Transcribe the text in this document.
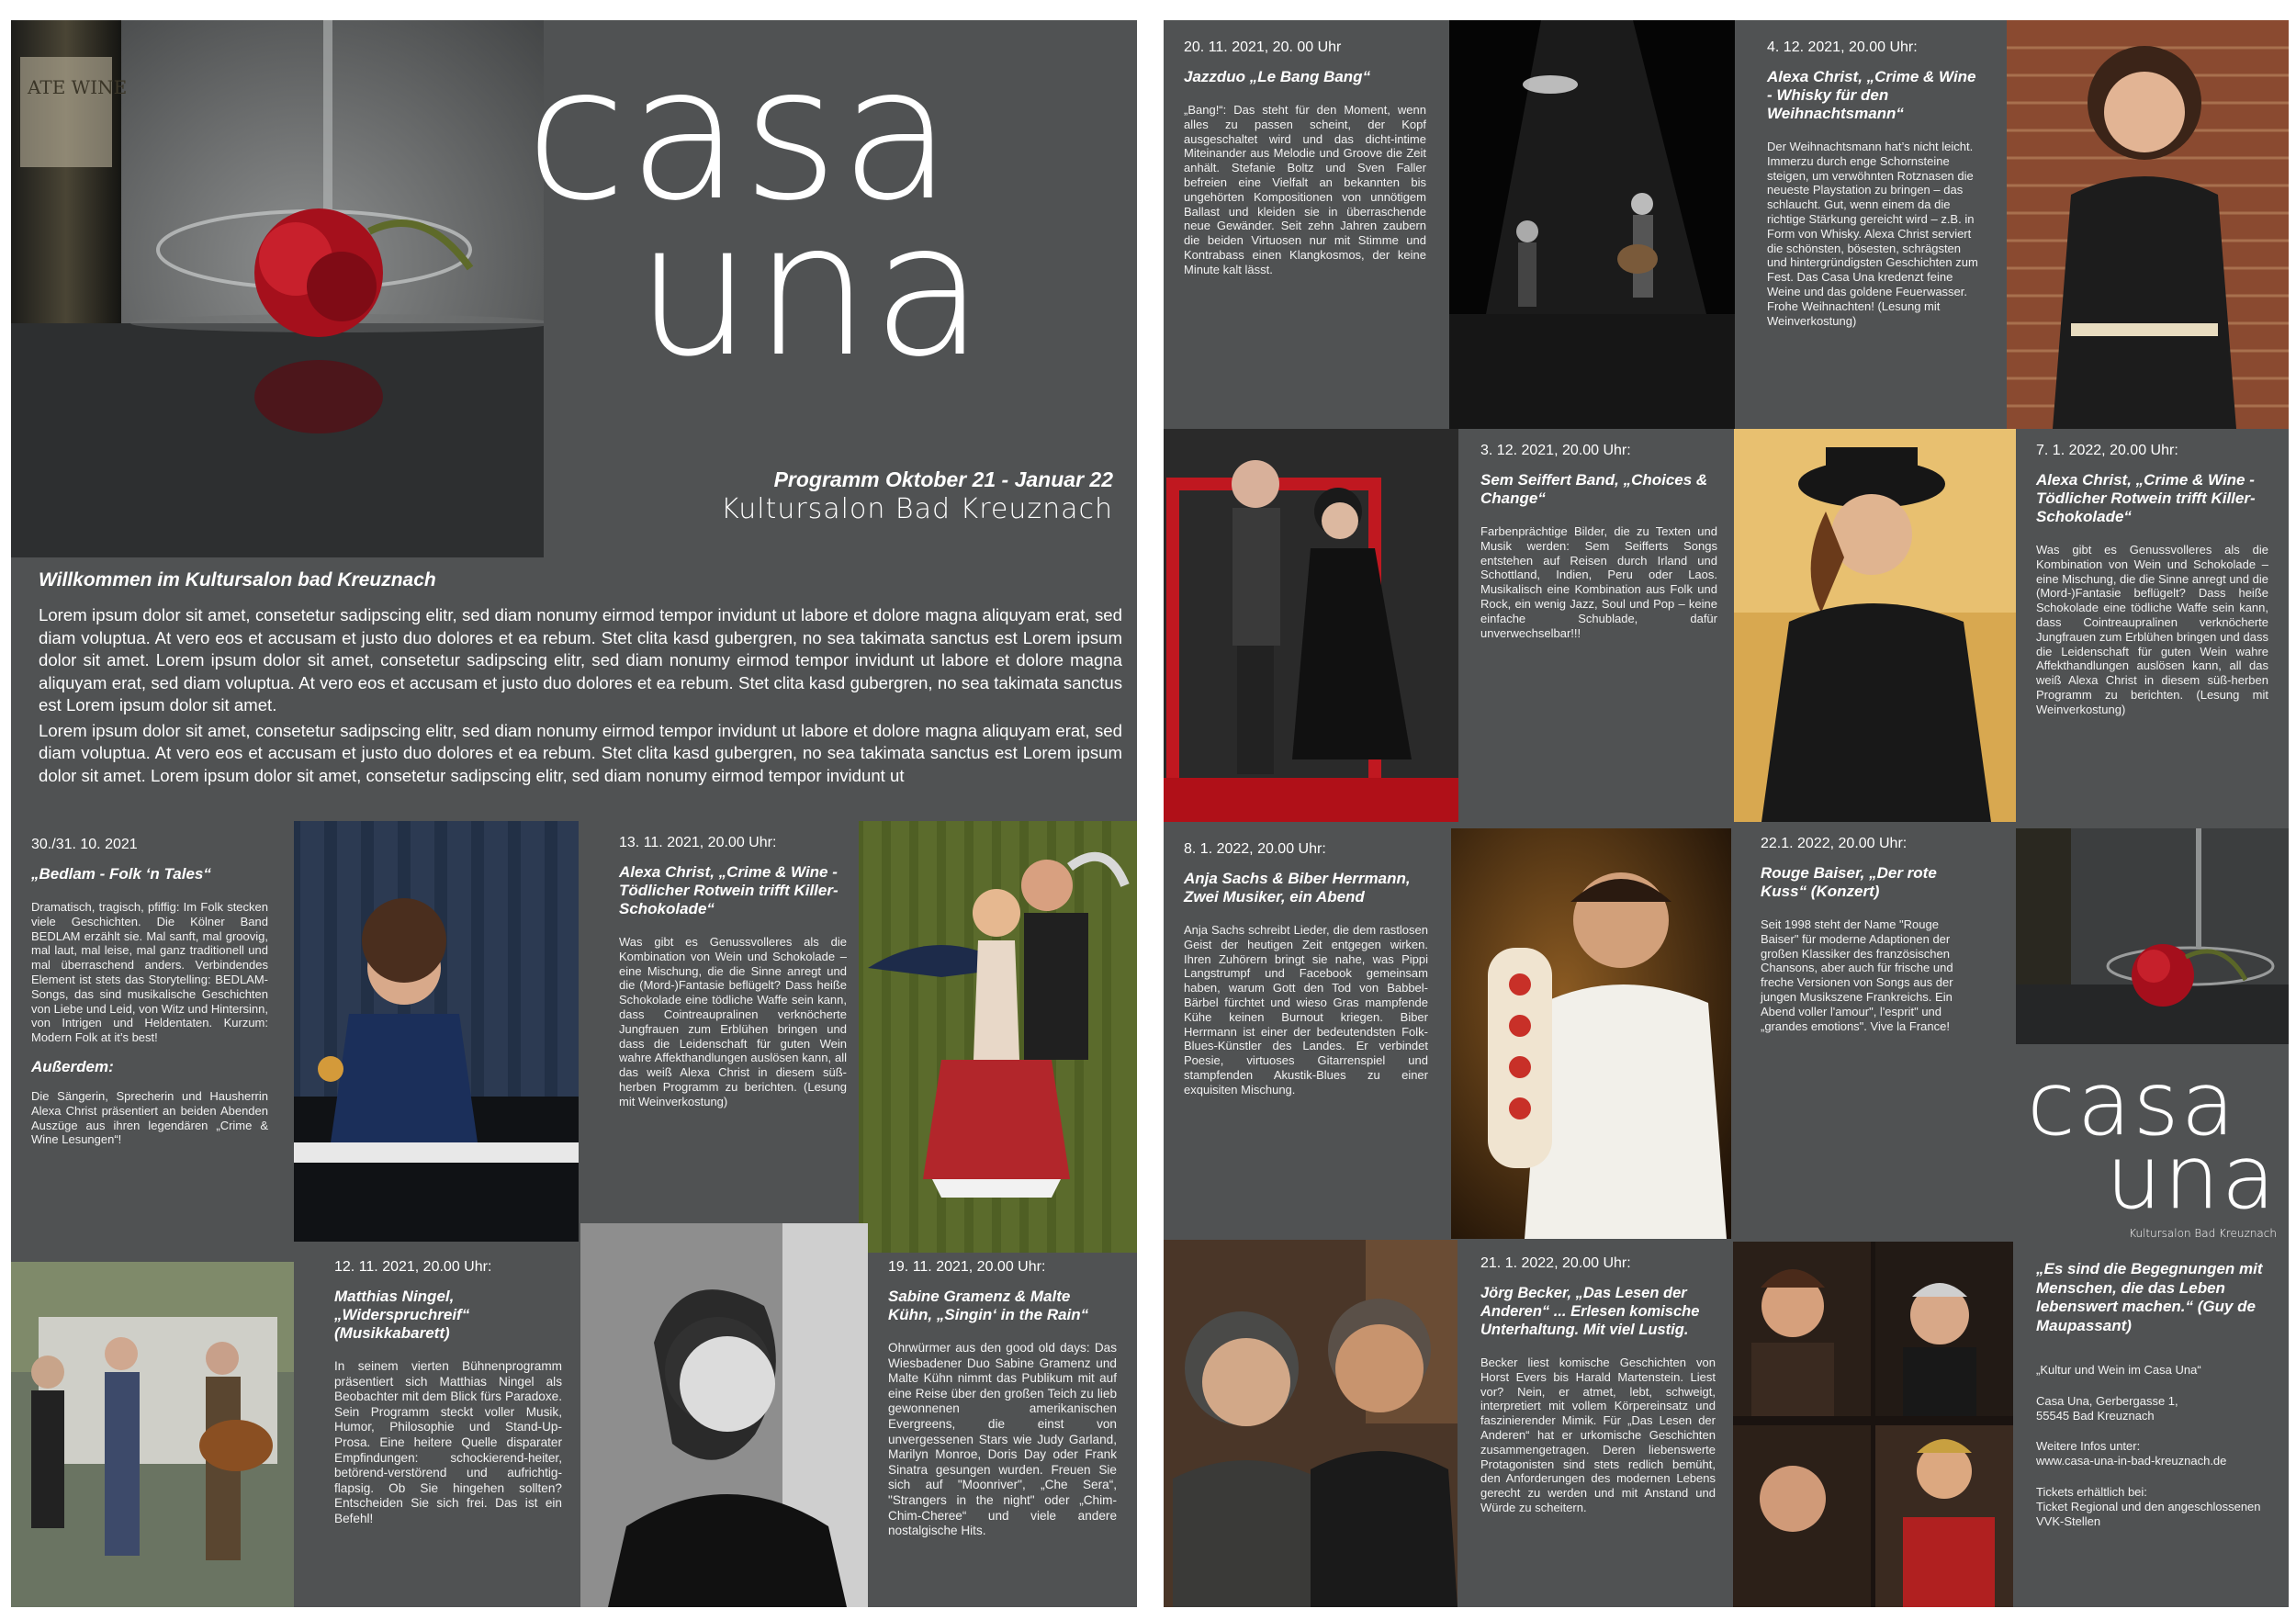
ATE WINE casa
una
Programm Oktober 21 - Januar 22
Kultursalon Bad Kreuznach
Willkommen im Kultursalon bad Kreuznach
Lorem ipsum dolor sit amet, consetetur sadipscing elitr, sed diam nonumy eirmod tempor invidunt ut labore et dolore magna aliquyam erat, sed diam voluptua. At vero eos et accusam et justo duo dolores et ea rebum. Stet clita kasd gubergren, no sea takimata sanctus est Lorem ipsum dolor sit amet. Lorem ipsum dolor sit amet, consetetur sadipscing elitr, sed diam nonumy eirmod tempor invidunt ut labore et dolore magna aliquyam erat, sed diam voluptua. At vero eos et accusam et justo duo dolores et ea rebum. Stet clita kasd gubergren, no sea takimata sanctus est Lorem ipsum dolor sit amet.
Lorem ipsum dolor sit amet, consetetur sadipscing elitr, sed diam nonumy eirmod tempor invidunt ut labore et dolore magna aliquyam erat, sed diam voluptua. At vero eos et accusam et justo duo dolores et ea rebum. Stet clita kasd gubergren, no sea takimata sanctus est Lorem ipsum dolor sit amet. Lorem ipsum dolor sit amet, consetetur sadipscing elitr, sed diam nonumy eirmod tempor invidunt ut
30./31. 10. 2021
„Bedlam - Folk ‘n Tales“
Dramatisch, tragisch, pfiffig: Im Folk stecken viele Geschichten. Die Kölner Band BEDLAM erzählt sie. Mal sanft, mal groovig, mal laut, mal leise, mal ganz traditionell und mal überraschend anders. Verbindendes Element ist stets das Storytelling: BEDLAM-Songs, das sind musikalische Geschichten von Liebe und Leid, von Witz und Hintersinn, von Intrigen und Heldentaten. Kurzum: Modern Folk at it’s best!
Außerdem:
Die Sängerin, Sprecherin und Hausherrin Alexa Christ präsentiert an beiden Abenden Auszüge aus ihren legendären „Crime & Wine Lesungen“!
13. 11. 2021, 20.00 Uhr:
Alexa Christ, „Crime & Wine - Tödlicher Rotwein trifft Killer-Schokolade“
Was gibt es Genussvolleres als die Kombination von Wein und Schokolade – eine Mischung, die die Sinne anregt und die (Mord-)Fantasie beflügelt? Dass heiße Schokolade eine tödliche Waffe sein kann, dass Cointreaupralinen verknöcherte Jungfrauen zum Erblühen bringen und dass die Leidenschaft für guten Wein wahre Affekthandlungen auslösen kann, all das weiß Alexa Christ in diesem süß-herben Programm zu berichten. (Lesung mit Weinverkostung)
12. 11. 2021, 20.00 Uhr:
Matthias Ningel, „Widerspruchreif“ (Musikkabarett)
In seinem vierten Bühnenprogramm präsentiert sich Matthias Ningel als Beobachter mit dem Blick fürs Paradoxe. Sein Programm steckt voller Musik, Humor, Philosophie und Stand-Up-Prosa. Eine heitere Quelle disparater Empfindungen: schockierend-heiter, betörend-verstörend und aufrichtig-flapsig. Ob Sie hingehen sollten? Entscheiden Sie sich frei. Das ist ein Befehl!
19. 11. 2021, 20.00 Uhr:
Sabine Gramenz & Malte Kühn, „Singin‘ in the Rain“
Ohrwürmer aus den good old days: Das Wiesbadener Duo Sabine Gramenz und Malte Kühn nimmt das Publikum mit auf eine Reise über den großen Teich zu lieb gewonnenen amerikanischen Evergreens, die einst von unvergessenen Stars wie Judy Garland, Marilyn Monroe, Doris Day oder Frank Sinatra gesungen wurden. Freuen Sie sich auf "Moonriver", „Che Sera“, "Strangers in the night" oder „Chim-Chim-Cheree“ und viele andere nostalgische Hits.
20. 11. 2021, 20. 00 Uhr
Jazzduo „Le Bang Bang“
„Bang!“: Das steht für den Moment, wenn alles zu passen scheint, der Kopf ausgeschaltet wird und das dicht-intime Miteinander aus Melodie und Groove die Zeit anhält. Stefanie Boltz und Sven Faller befreien eine Vielfalt an bekannten bis ungehörten Kompositionen von unnötigem Ballast und kleiden sie in überraschende neue Gewänder. Seit zehn Jahren zaubern die beiden Virtuosen nur mit Stimme und Kontrabass einen Klangkosmos, der keine Minute kalt lässt.
4. 12. 2021, 20.00 Uhr:
Alexa Christ, „Crime & Wine - Whisky für den Weihnachtsmann“
Der Weihnachtsmann hat’s nicht leicht. Immerzu durch enge Schornsteine steigen, um verwöhnten Rotznasen die neueste Playstation zu bringen – das schlaucht. Gut, wenn einem da die richtige Stärkung gereicht wird – z.B. in Form von Whisky. Alexa Christ serviert die schönsten, bösesten, schrägsten und hintergründigsten Geschichten zum Fest. Das Casa Una kredenzt feine Weine und das goldene Feuerwasser. Frohe Weihnachten! (Lesung mit Weinverkostung)
3. 12. 2021, 20.00 Uhr:
Sem Seiffert Band, „Choices & Change“
Farbenprächtige Bilder, die zu Texten und Musik werden: Sem Seifferts Songs entstehen auf Reisen durch Irland und Schottland, Indien, Peru oder Laos. Musikalisch eine Kombination aus Folk und Rock, ein wenig Jazz, Soul und Pop – keine einfache Schublade, dafür unverwechselbar!!!
7. 1. 2022, 20.00 Uhr:
Alexa Christ, „Crime & Wine - Tödlicher Rotwein trifft Killer-Schokolade“
Was gibt es Genussvolleres als die Kombination von Wein und Schokolade – eine Mischung, die die Sinne anregt und die (Mord-)Fantasie beflügelt? Dass heiße Schokolade eine tödliche Waffe sein kann, dass Cointreaupralinen verknöcherte Jungfrauen zum Erblühen bringen und dass die Leidenschaft für guten Wein wahre Affekthandlungen auslösen kann, all das weiß Alexa Christ in diesem süß-herben Programm zu berichten. (Lesung mit Weinverkostung)
8. 1. 2022, 20.00 Uhr:
Anja Sachs & Biber Herrmann, Zwei Musiker, ein Abend
Anja Sachs schreibt Lieder, die dem rastlosen Geist der heutigen Zeit entgegen wirken. Ihren Zuhörern bringt sie nahe, was Pippi Langstrumpf und Facebook gemeinsam haben, warum Gott den Tod von Babbel-Bärbel fürchtet und wieso Gras mampfende Kühe keinen Burnout kriegen. Biber Herrmann ist einer der bedeutendsten Folk-Blues-Künstler des Landes. Er verbindet Poesie, virtuoses Gitarrenspiel und stampfenden Akustik-Blues zu einer exquisiten Mischung.
22.1. 2022, 20.00 Uhr:
Rouge Baiser, „Der rote Kuss“ (Konzert)
Seit 1998 steht der Name "Rouge Baiser" für moderne Adaptionen der großen Klassiker des französischen Chansons, aber auch für frische und freche Versionen von Songs aus der jungen Musikszene Frankreichs. Ein Abend voller l'amour", l'esprit" und „grandes emotions". Vive la France!
casa
una
Kultursalon Bad Kreuznach
21. 1. 2022, 20.00 Uhr:
Jörg Becker, „Das Lesen der Anderen“ ... Erlesen komische Unterhaltung. Mit viel Lustig.
Becker liest komische Geschichten von Horst Evers bis Harald Martenstein. Liest vor? Nein, er atmet, lebt, schweigt, interpretiert mit vollem Körpereinsatz und faszinierender Mimik. Für „Das Lesen der Anderen“ hat er urkomische Geschichten zusammengetragen. Deren liebenswerte Protagonisten sind stets redlich bemüht, den Anforderungen des modernen Lebens gerecht zu werden und mit Anstand und Würde zu scheitern.
„Es sind die Begegnungen mit Menschen, die das Leben lebenswert machen.“ (Guy de Maupassant)
„Kultur und Wein im Casa Una“
Casa Una, Gerbergasse 1,
55545 Bad Kreuznach
Weitere Infos unter:
www.casa-una-in-bad-kreuznach.de
Tickets erhältlich bei:
Ticket Regional und den angeschlossenen VVK-Stellen
